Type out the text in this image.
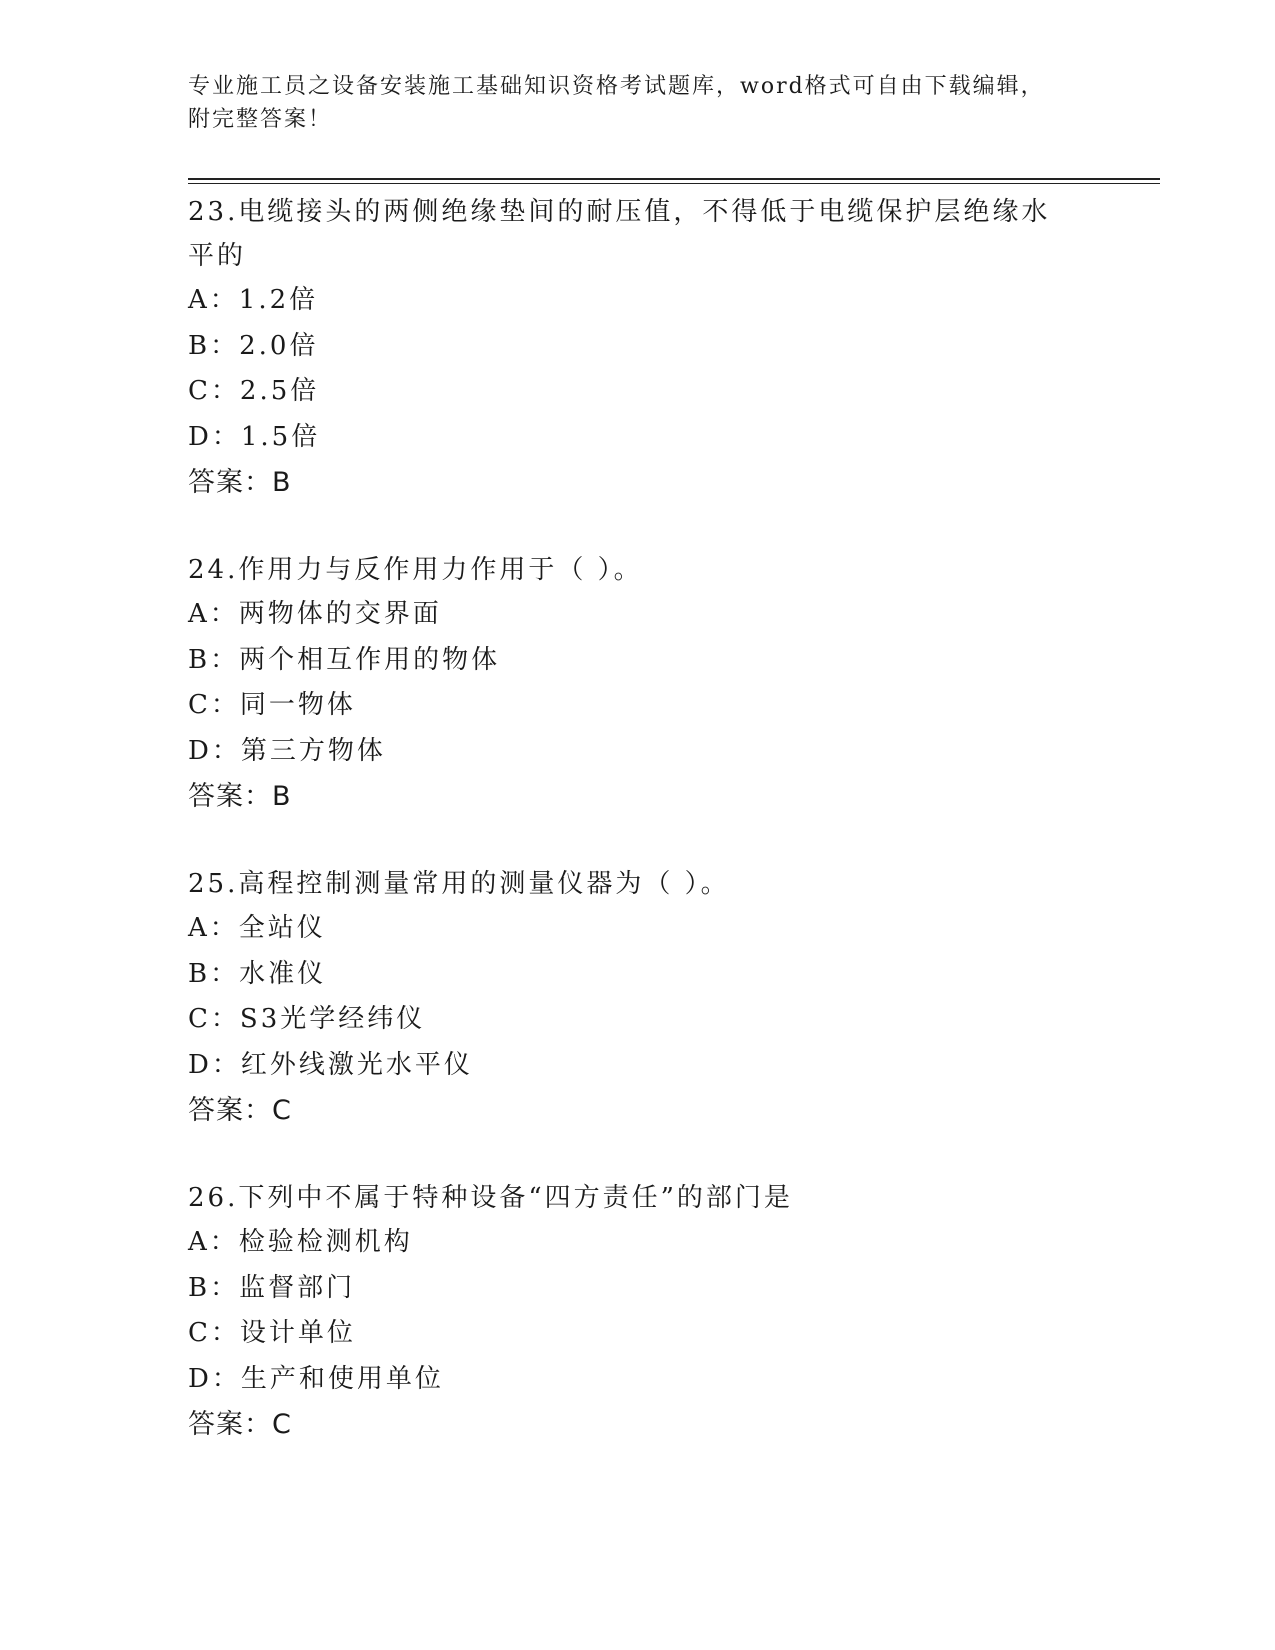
专业施工员之设备安装施工基础知识资格考试题库，word格式可自由下载编辑，
附完整答案！
23.电缆接头的两侧绝缘垫间的耐压值，不得低于电缆保护层绝缘水平的
A：1.2倍
B：2.0倍
C：2.5倍
D：1.5倍
答案：B
24.作用力与反作用力作用于（ ）。
A：两物体的交界面
B：两个相互作用的物体
C：同一物体
D：第三方物体
答案：B
25.高程控制测量常用的测量仪器为（ ）。
A：全站仪
B：水准仪
C：S3光学经纬仪
D：红外线激光水平仪
答案：C
26.下列中不属于特种设备“四方责任”的部门是
A：检验检测机构
B：监督部门
C：设计单位
D：生产和使用单位
答案：C
